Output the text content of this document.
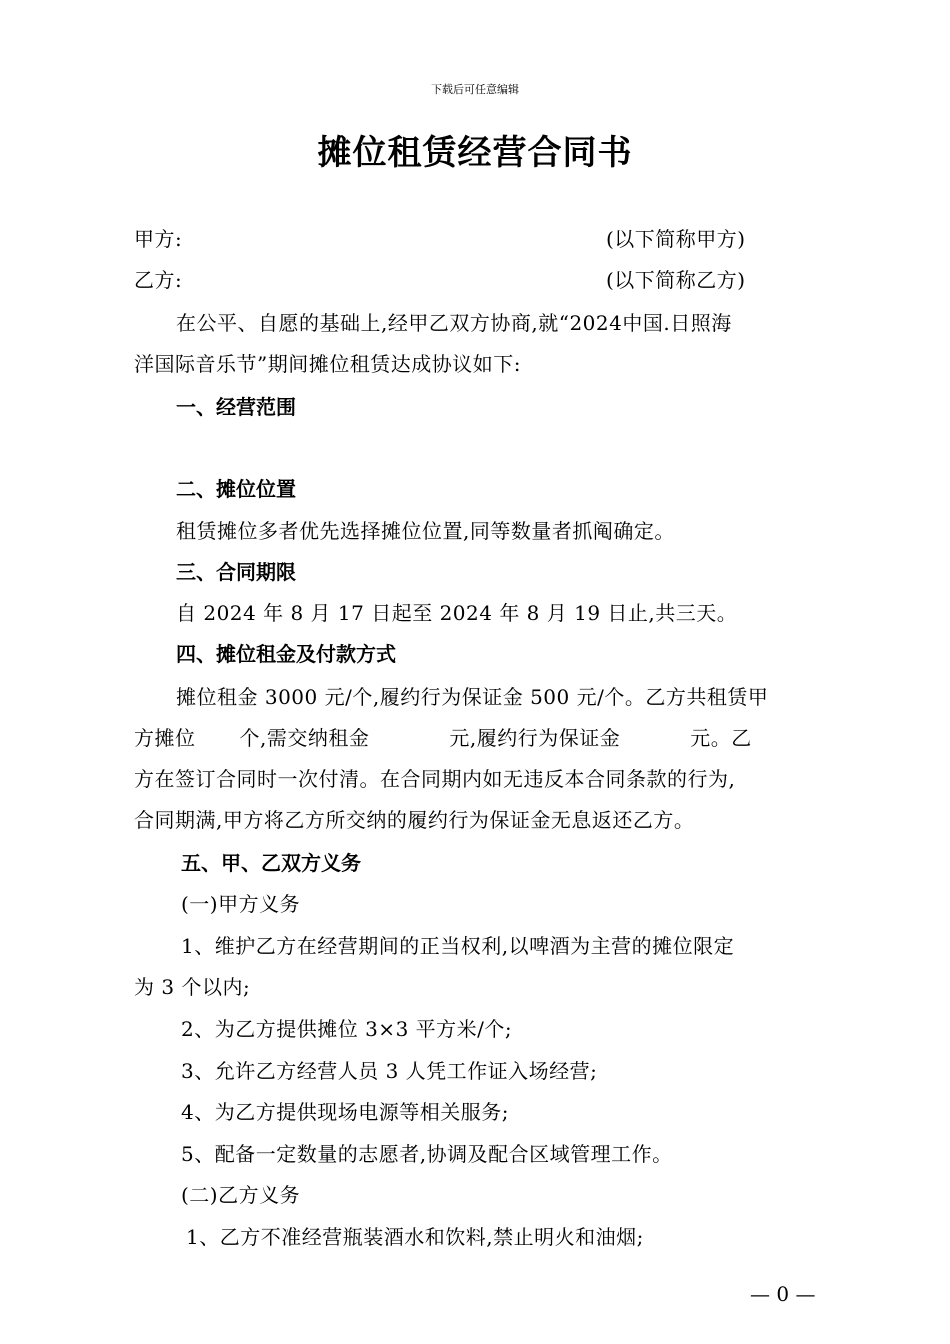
下载后可任意编辑
摊位租赁经营合同书
甲方:	(以下简称甲方)
乙方:	(以下简称乙方)
在公平、自愿的基础上,经甲乙双方协商,就“2024中国.日照海
洋国际音乐节”期间摊位租赁达成协议如下:
一、经营范围
二、摊位位置
租赁摊位多者优先选择摊位位置,同等数量者抓阄确定。
三、合同期限
自 2024 年 8 月 17 日起至 2024 年 8 月 19 日止,共三天。
四、摊位租金及付款方式
摊位租金 3000 元/个,履约行为保证金 500 元/个。乙方共租赁甲
方摊位 个,需交纳租金	元,履约行为保证金	元。乙
方在签订合同时一次付清。在合同期内如无违反本合同条款的行为,
合同期满,甲方将乙方所交纳的履约行为保证金无息返还乙方。
五、甲、乙双方义务
(一)甲方义务
1、维护乙方在经营期间的正当权利,以啤酒为主营的摊位限定
为 3 个以内;
2、为乙方提供摊位 3×3 平方米/个;
3、允许乙方经营人员 3 人凭工作证入场经营;
4、为乙方提供现场电源等相关服务;
5、配备一定数量的志愿者,协调及配合区域管理工作。
(二)乙方义务
1、乙方不准经营瓶装酒水和饮料,禁止明火和油烟;
— 0 —
